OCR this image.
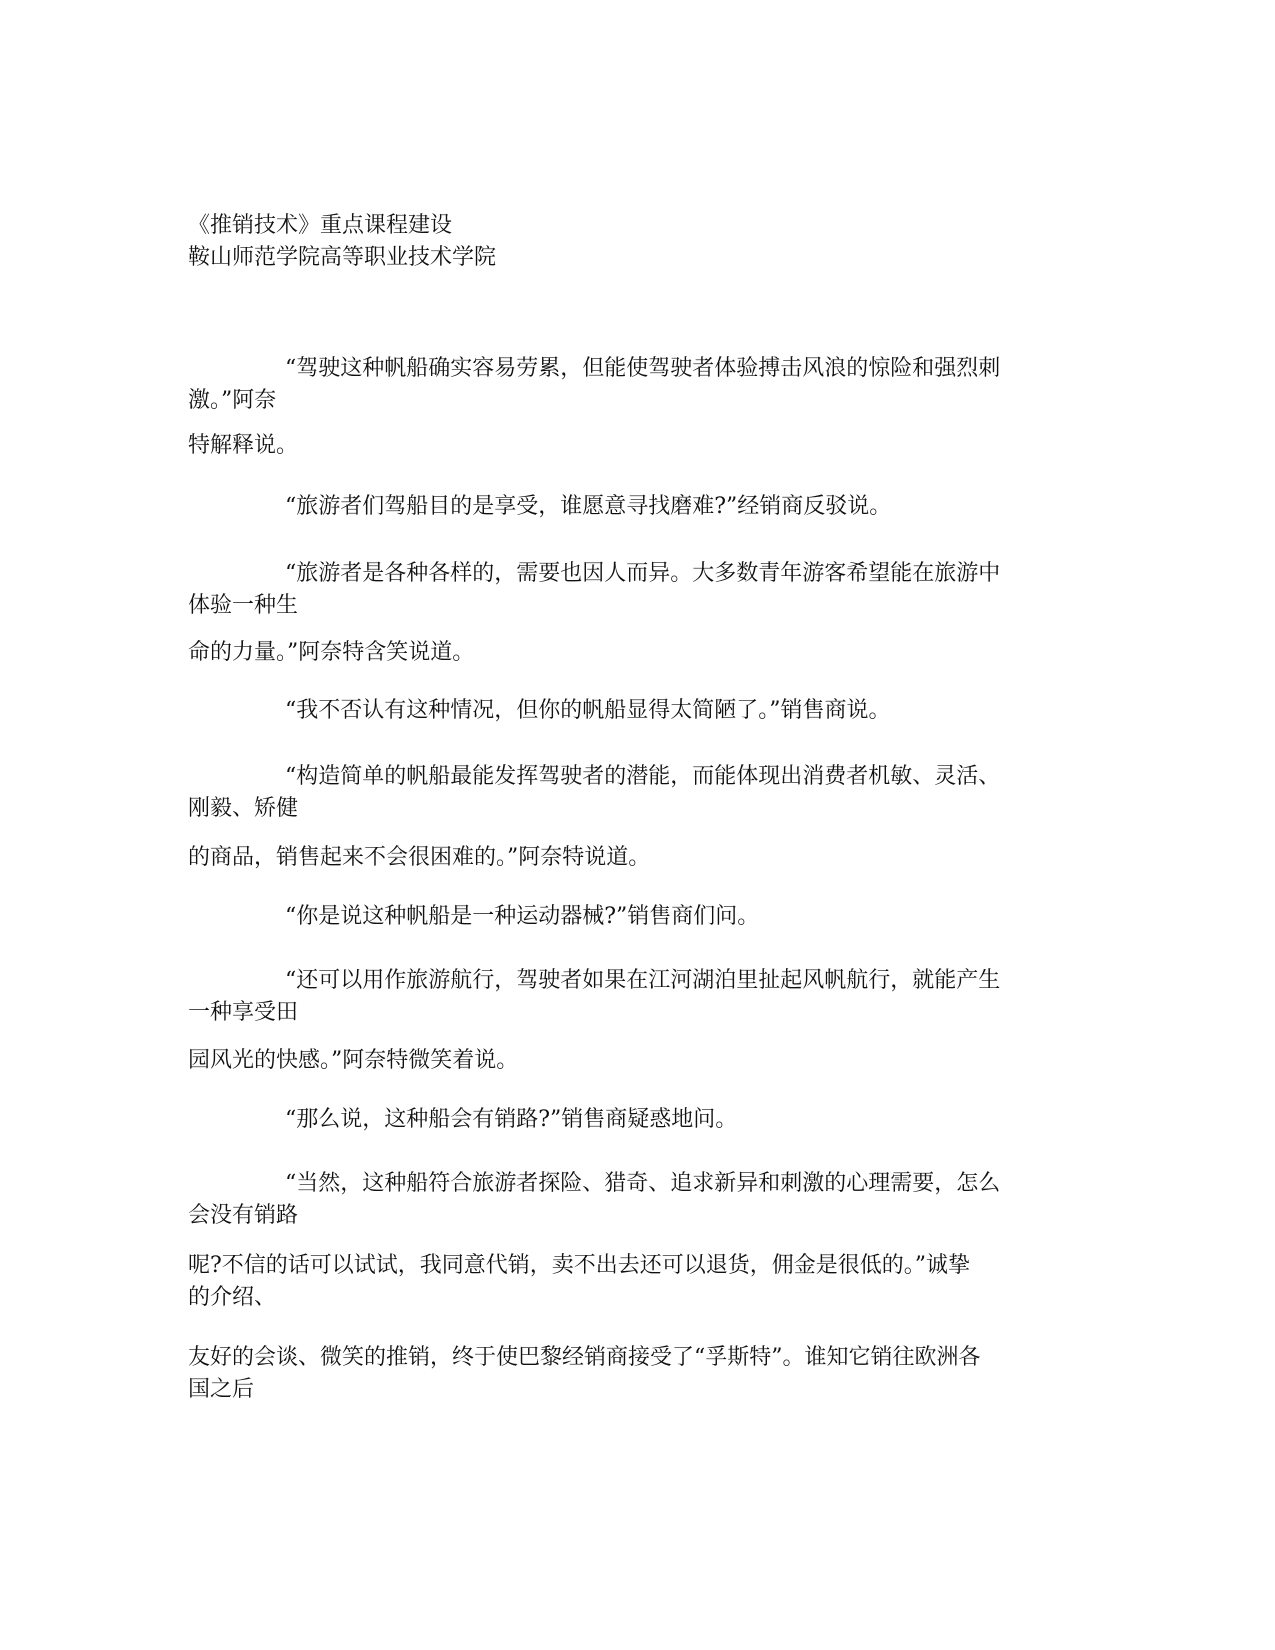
《推销技术》重点课程建设
鞍山师范学院高等职业技术学院
“驾驶这种帆船确实容易劳累，但能使驾驶者体验搏击风浪的惊险和强烈刺
激。”阿奈
特解释说。
“旅游者们驾船目的是享受，谁愿意寻找磨难?”经销商反驳说。
“旅游者是各种各样的，需要也因人而异。大多数青年游客希望能在旅游中
体验一种生
命的力量。”阿奈特含笑说道。
“我不否认有这种情况，但你的帆船显得太简陋了。”销售商说。
“构造简单的帆船最能发挥驾驶者的潜能，而能体现出消费者机敏、灵活、
刚毅、矫健
的商品，销售起来不会很困难的。”阿奈特说道。
“你是说这种帆船是一种运动器械?”销售商们问。
“还可以用作旅游航行，驾驶者如果在江河湖泊里扯起风帆航行，就能产生
一种享受田
园风光的快感。”阿奈特微笑着说。
“那么说，这种船会有销路?”销售商疑惑地问。
“当然，这种船符合旅游者探险、猎奇、追求新异和刺激的心理需要，怎么
会没有销路
呢?不信的话可以试试，我同意代销，卖不出去还可以退货，佣金是很低的。”诚挚
的介绍、
友好的会谈、微笑的推销，终于使巴黎经销商接受了“孚斯特”。谁知它销往欧洲各
国之后
